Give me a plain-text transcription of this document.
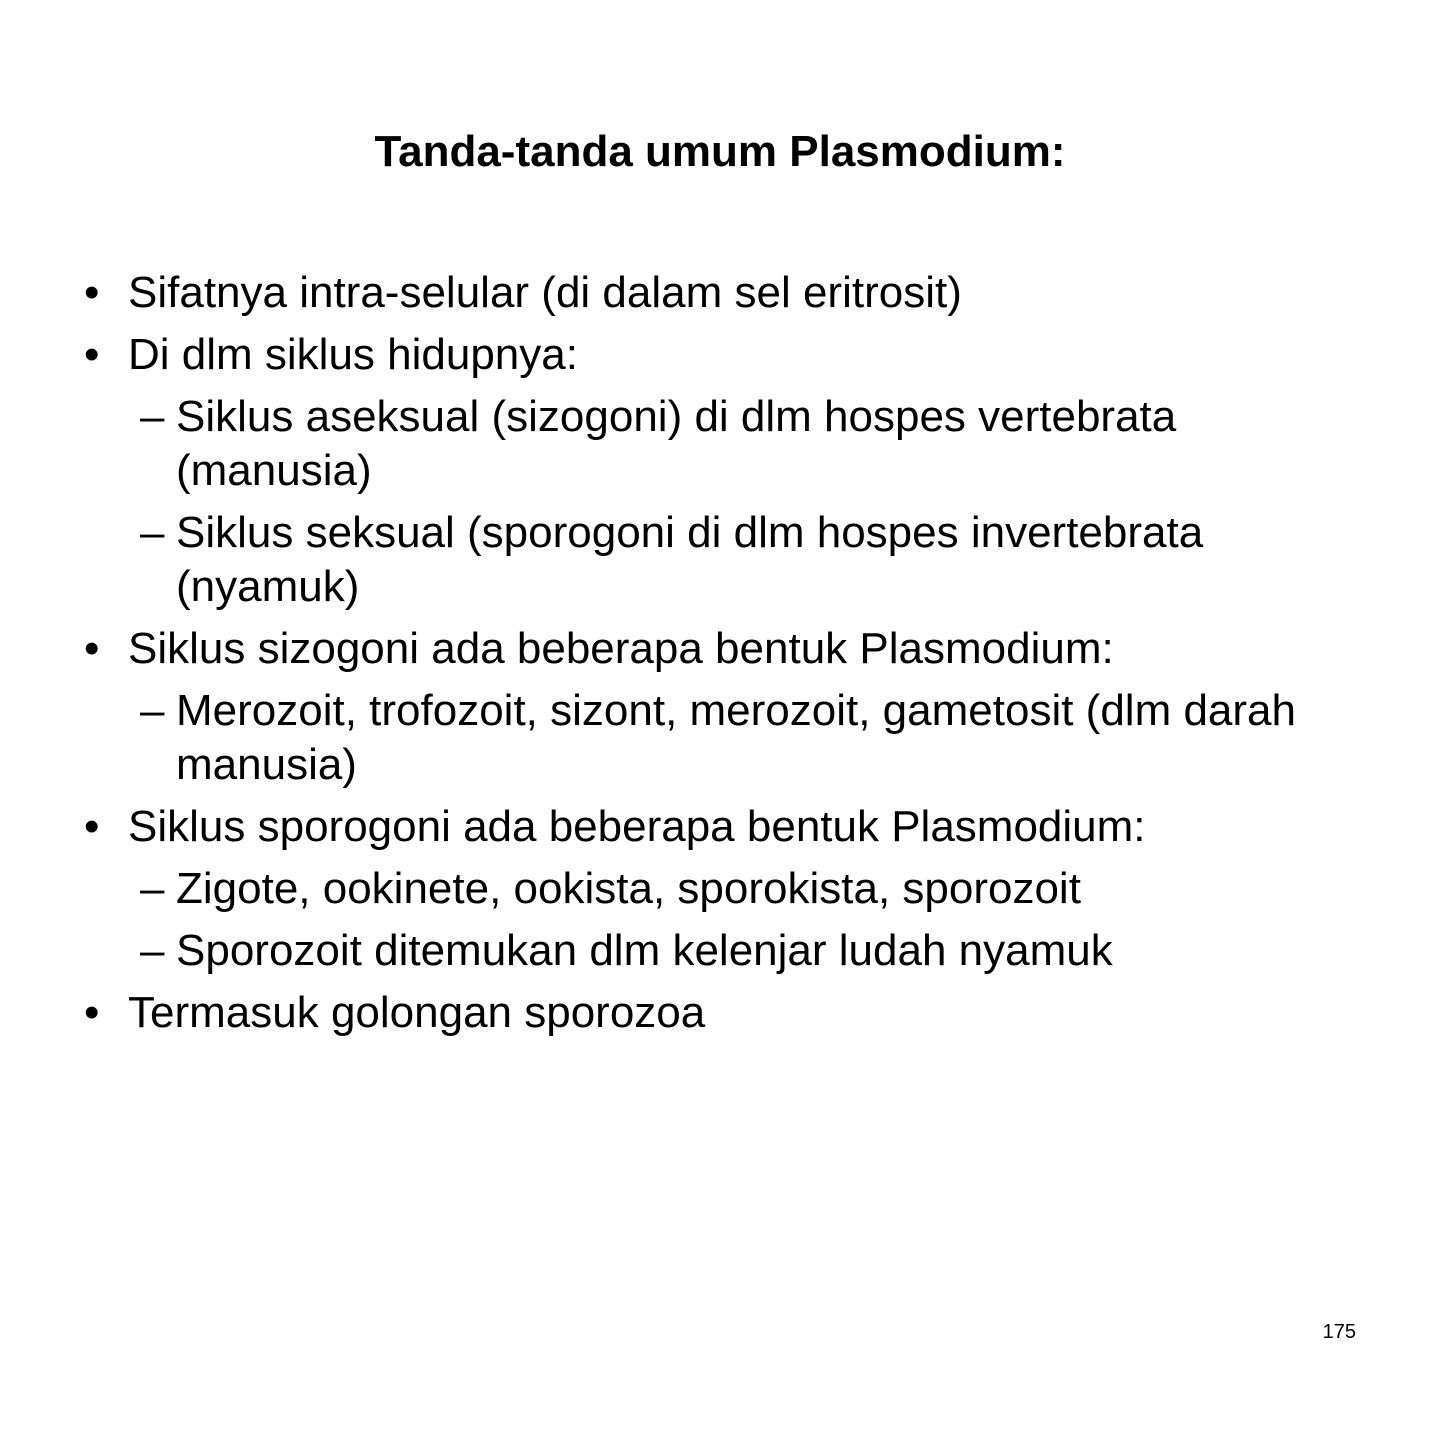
Tanda-tanda umum Plasmodium:
• Sifatnya intra-selular (di dalam sel eritrosit)
• Di dlm siklus hidupnya:
– Siklus aseksual (sizogoni) di dlm hospes vertebrata (manusia)
– Siklus seksual (sporogoni di dlm hospes invertebrata (nyamuk)
• Siklus sizogoni ada beberapa bentuk Plasmodium:
– Merozoit, trofozoit, sizont, merozoit, gametosit (dlm darah manusia)
• Siklus sporogoni ada beberapa bentuk Plasmodium:
– Zigote, ookinete, ookista, sporokista, sporozoit
– Sporozoit ditemukan dlm kelenjar ludah nyamuk
• Termasuk golongan sporozoa
175
